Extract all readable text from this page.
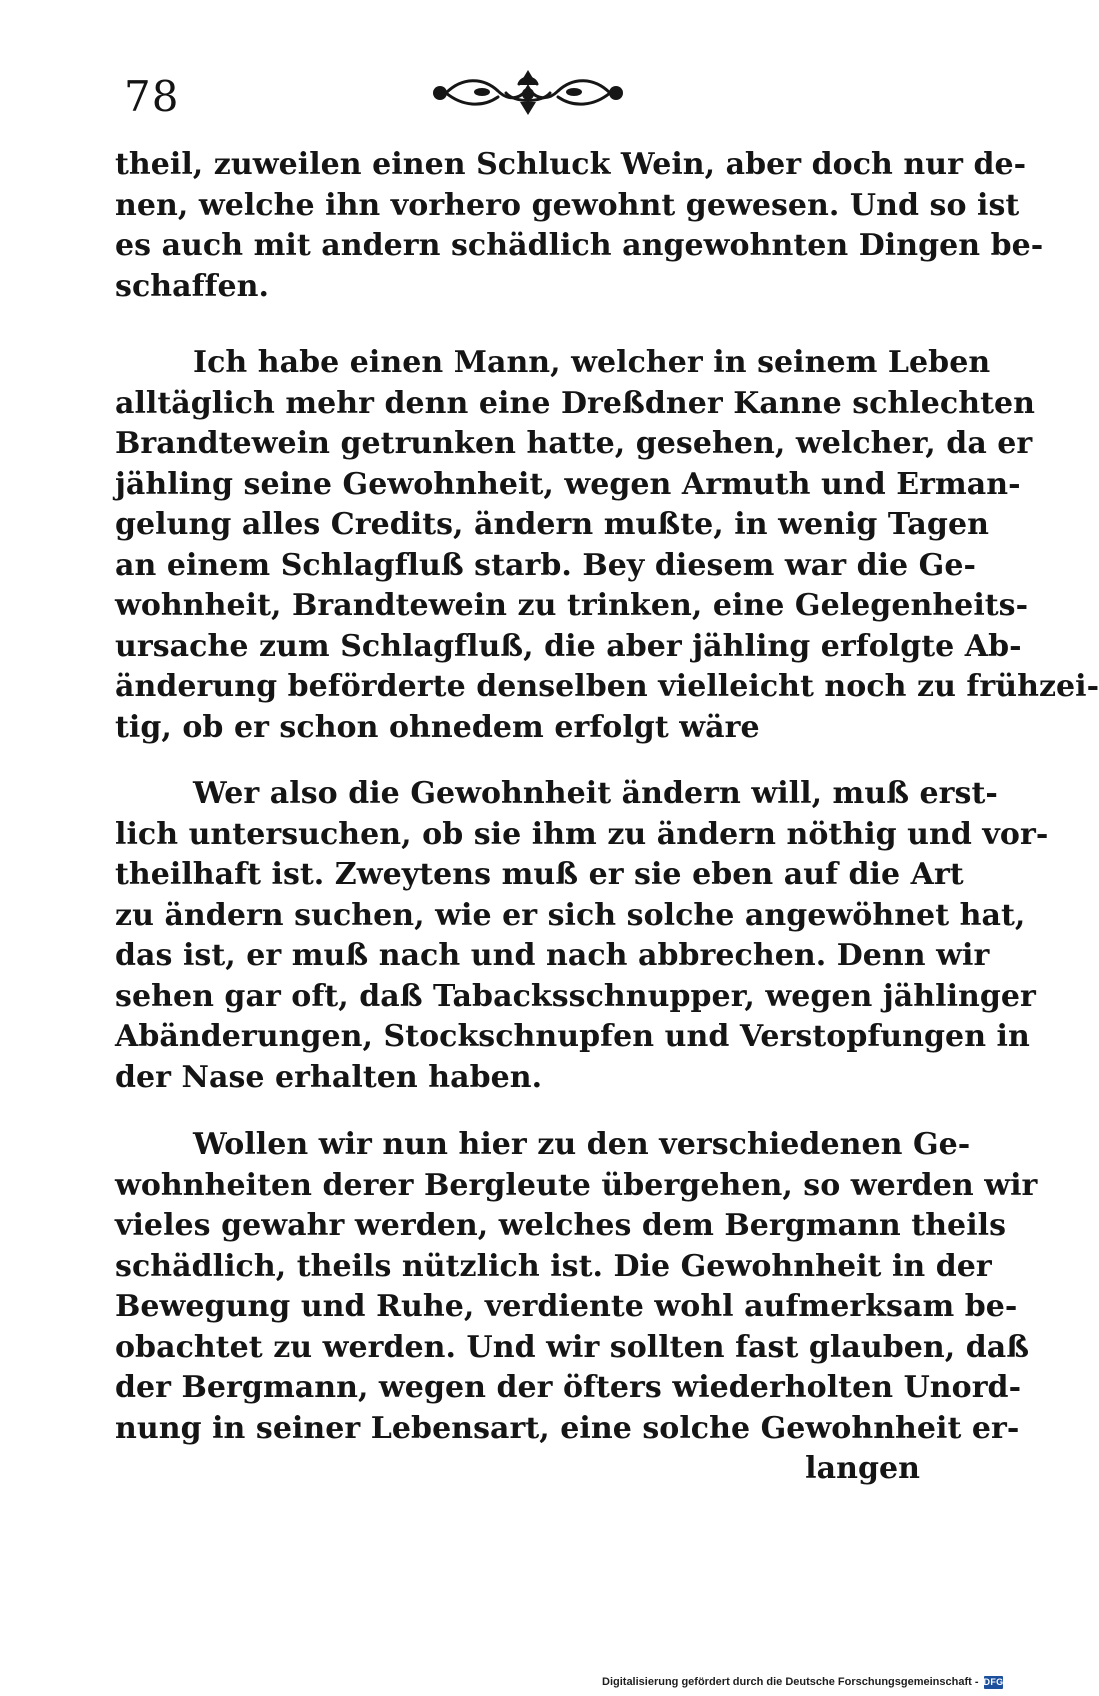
78
theil, zuweilen einen Schluck Wein, aber doch nur de-
nen, welche ihn vorhero gewohnt gewesen. Und so ist
es auch mit andern schädlich angewohnten Dingen be-
schaffen.
Ich habe einen Mann, welcher in seinem Leben
alltäglich mehr denn eine Dreßdner Kanne schlechten
Brandtewein getrunken hatte, gesehen, welcher, da er
jähling seine Gewohnheit, wegen Armuth und Erman-
gelung alles Credits, ändern mußte, in wenig Tagen
an einem Schlagfluß starb. Bey diesem war die Ge-
wohnheit, Brandtewein zu trinken, eine Gelegenheits-
ursache zum Schlagfluß, die aber jähling erfolgte Ab-
änderung beförderte denselben vielleicht noch zu frühzei-
tig, ob er schon ohnedem erfolgt wäre
Wer also die Gewohnheit ändern will, muß erst-
lich untersuchen, ob sie ihm zu ändern nöthig und vor-
theilhaft ist. Zweytens muß er sie eben auf die Art
zu ändern suchen, wie er sich solche angewöhnet hat,
das ist, er muß nach und nach abbrechen. Denn wir
sehen gar oft, daß Tabacksschnupper, wegen jählinger
Abänderungen, Stockschnupfen und Verstopfungen in
der Nase erhalten haben.
Wollen wir nun hier zu den verschiedenen Ge-
wohnheiten derer Bergleute übergehen, so werden wir
vieles gewahr werden, welches dem Bergmann theils
schädlich, theils nützlich ist. Die Gewohnheit in der
Bewegung und Ruhe, verdiente wohl aufmerksam be-
obachtet zu werden. Und wir sollten fast glauben, daß
der Bergmann, wegen der öfters wiederholten Unord-
nung in seiner Lebensart, eine solche Gewohnheit er-
langen
Digitalisierung gefördert durch die Deutsche Forschungsgemeinschaft - DFG
